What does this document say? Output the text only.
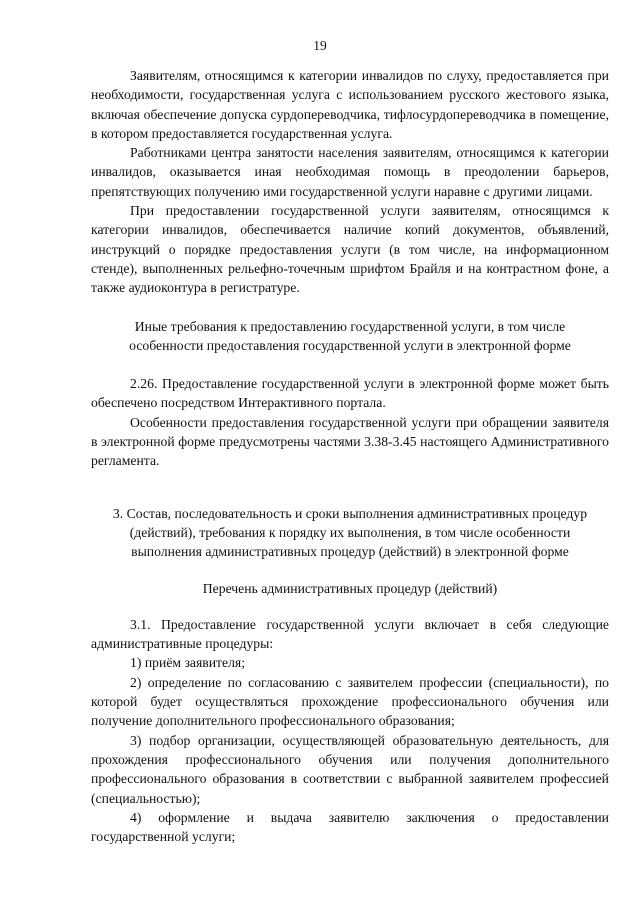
19

Заявителям, относящимся к категории инвалидов по слуху, предоставляется при необходимости, государственная услуга с использованием русского жестового языка, включая обеспечение допуска сурдопереводчика, тифлосурдопереводчика в помещение, в котором предоставляется государственная услуга.

Работниками центра занятости населения заявителям, относящимся к категории инвалидов, оказывается иная необходимая помощь в преодолении барьеров, препятствующих получению ими государственной услуги наравне с другими лицами.

При предоставлении государственной услуги заявителям, относящимся к категории инвалидов, обеспечивается наличие копий документов, объявлений, инструкций о порядке предоставления услуги (в том числе, на информационном стенде), выполненных рельефно-точечным шрифтом Брайля и на контрастном фоне, а также аудиоконтура в регистратуре.

Иные требования к предоставлению государственной услуги, в том числе особенности предоставления государственной услуги в электронной форме

2.26. Предоставление государственной услуги в электронной форме может быть обеспечено посредством Интерактивного портала.

Особенности предоставления государственной услуги при обращении заявителя в электронной форме предусмотрены частями 3.38-3.45 настоящего Административного регламента.

3. Состав, последовательность и сроки выполнения административных процедур (действий), требования к порядку их выполнения, в том числе особенности выполнения административных процедур (действий) в электронной форме

Перечень административных процедур (действий)

3.1. Предоставление государственной услуги включает в себя следующие административные процедуры:

1) приём заявителя;

2) определение по согласованию с заявителем профессии (специальности), по которой будет осуществляться прохождение профессионального обучения или получение дополнительного профессионального образования;

3) подбор организации, осуществляющей образовательную деятельность, для прохождения профессионального обучения или получения дополнительного профессионального образования в соответствии с выбранной заявителем профессией (специальностью);

4) оформление и выдача заявителю заключения о предоставлении государственной услуги;
